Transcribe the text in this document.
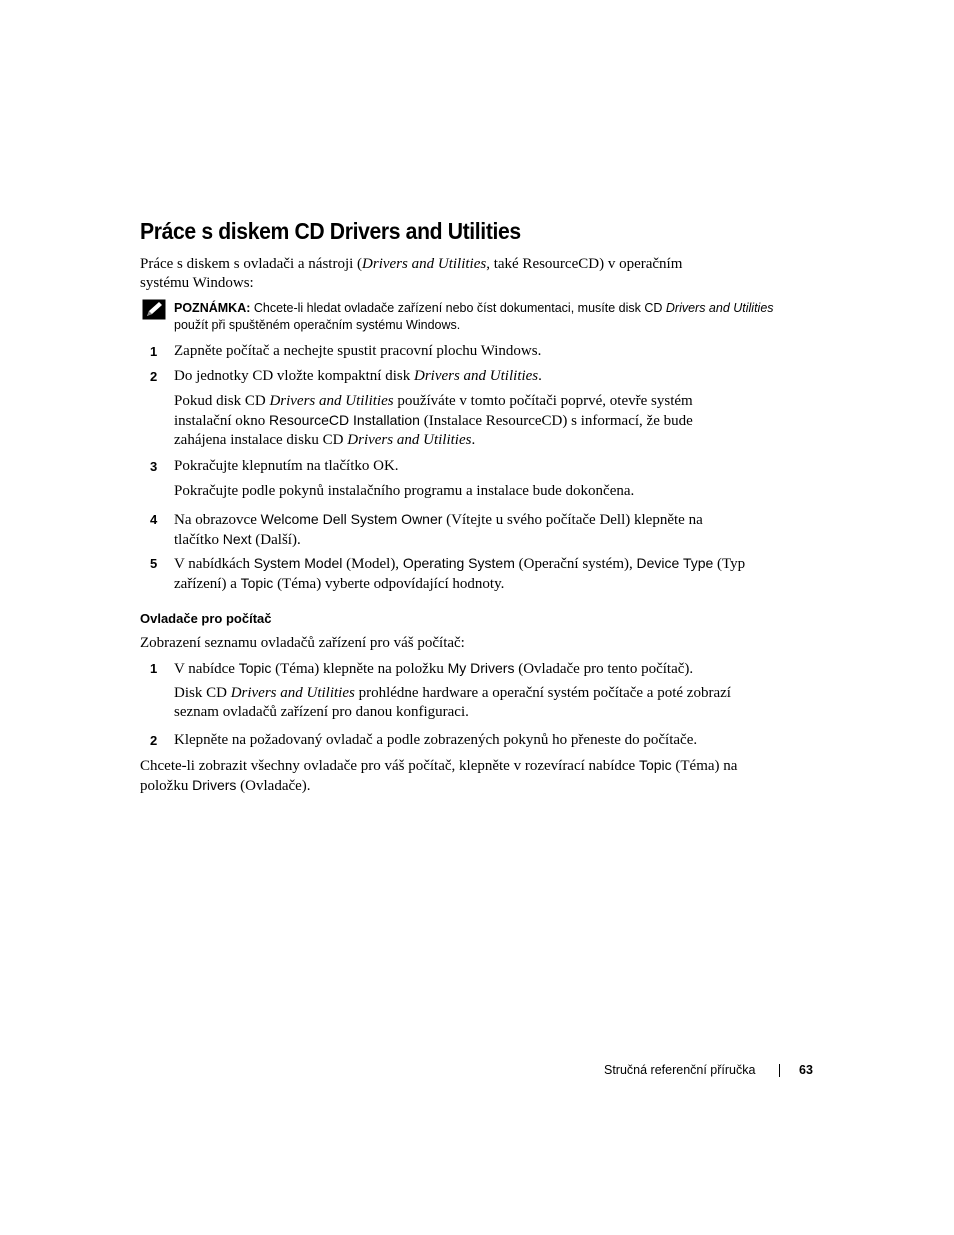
Práce s diskem CD Drivers and Utilities

Práce s diskem s ovladači a nástroji (Drivers and Utilities, také ResourceCD) v operačním systému Windows:

POZNÁMKA: Chcete-li hledat ovladače zařízení nebo číst dokumentaci, musíte disk CD Drivers and Utilities použít při spuštěném operačním systému Windows.
1 Zapněte počítač a nechejte spustit pracovní plochu Windows.

2 Do jednotky CD vložte kompaktní disk Drivers and Utilities.

Pokud disk CD Drivers and Utilities používáte v tomto počítači poprvé, otevře systém instalační okno ResourceCD Installation (Instalace ResourceCD) s informací, že bude zahájena instalace disku CD Drivers and Utilities.

3 Pokračujte klepnutím na tlačítko OK.

Pokračujte podle pokynů instalačního programu a instalace bude dokončena.

4 Na obrazovce Welcome Dell System Owner (Vítejte u svého počítače Dell) klepněte na tlačítko Next (Další).

5 V nabídkách System Model (Model), Operating System (Operační systém), Device Type (Typ zařízení) a Topic (Téma) vyberte odpovídající hodnoty.

Ovladače pro počítač

Zobrazení seznamu ovladačů zařízení pro váš počítač:

1 V nabídce Topic (Téma) klepněte na položku My Drivers (Ovladače pro tento počítač).

Disk CD Drivers and Utilities prohlédne hardware a operační systém počítače a poté zobrazí seznam ovladačů zařízení pro danou konfiguraci.

2 Klepněte na požadovaný ovladač a podle zobrazených pokynů ho přeneste do počítače.

Chcete-li zobrazit všechny ovladače pro váš počítač, klepněte v rozevírací nabídce Topic (Téma) na položku Drivers (Ovladače).

Stručná referenční příručka	63
